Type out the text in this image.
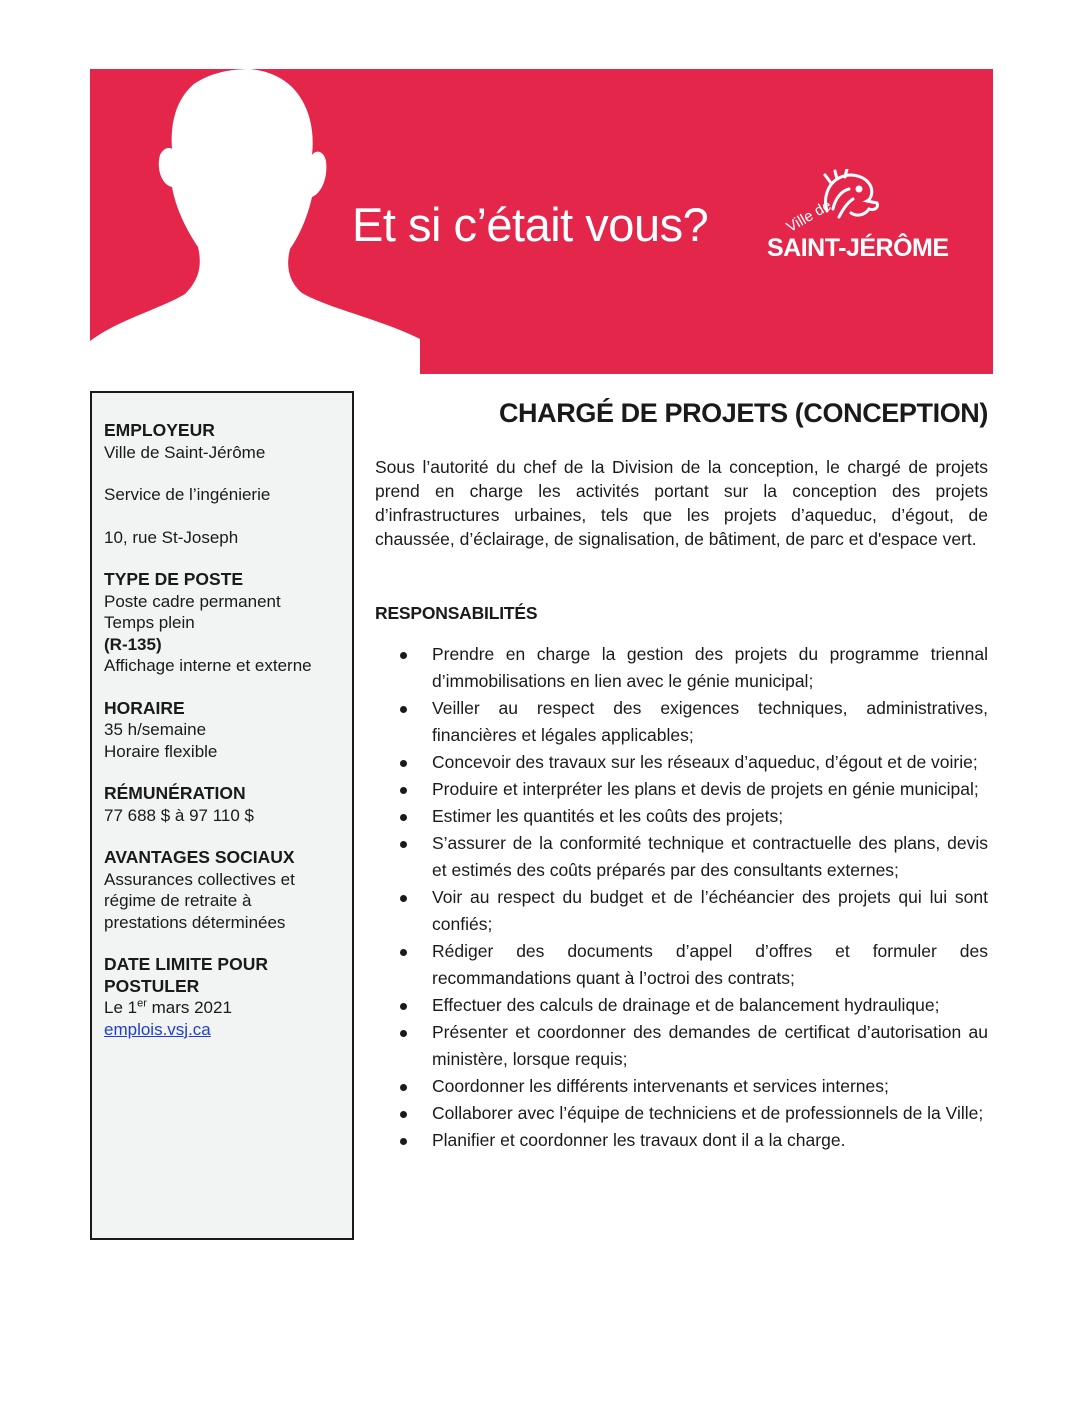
Et si c’était vous?	Ville de
SAINT-JÉRÔME
EMPLOYEUR
Ville de Saint-Jérôme
Service de l’ingénierie
10, rue St-Joseph
TYPE DE POSTE
Poste cadre permanent
Temps plein
(R-135)
Affichage interne et externe
HORAIRE
35 h/semaine
Horaire flexible
RÉMUNÉRATION
77 688 $ à 97 110 $
AVANTAGES SOCIAUX
Assurances collectives et
régime de retraite à
prestations déterminées
DATE LIMITE POUR
POSTULER
Le 1er mars 2021
emplois.vsj.ca
CHARGÉ DE PROJETS (CONCEPTION)

Sous l’autorité du chef de la Division de la conception, le chargé de projets prend en charge les activités portant sur la conception des projets d’infrastructures urbaines, tels que les projets d’aqueduc, d’égout, de chaussée, d’éclairage, de signalisation, de bâtiment, de parc et d'espace vert.

RESPONSABILITÉS
Prendre en charge la gestion des projets du programme triennal d’immobilisations en lien avec le génie municipal;
Veiller au respect des exigences techniques, administratives, financières et légales applicables;
Concevoir des travaux sur les réseaux d’aqueduc, d’égout et de voirie;
Produire et interpréter les plans et devis de projets en génie municipal;
Estimer les quantités et les coûts des projets;
S’assurer de la conformité technique et contractuelle des plans, devis et estimés des coûts préparés par des consultants externes;
Voir au respect du budget et de l’échéancier des projets qui lui sont confiés;
Rédiger des documents d’appel d’offres et formuler des recommandations quant à l’octroi des contrats;
Effectuer des calculs de drainage et de balancement hydraulique;
Présenter et coordonner des demandes de certificat d’autorisation au ministère, lorsque requis;
Coordonner les différents intervenants et services internes;
Collaborer avec l’équipe de techniciens et de professionnels de la Ville;
Planifier et coordonner les travaux dont il a la charge.
